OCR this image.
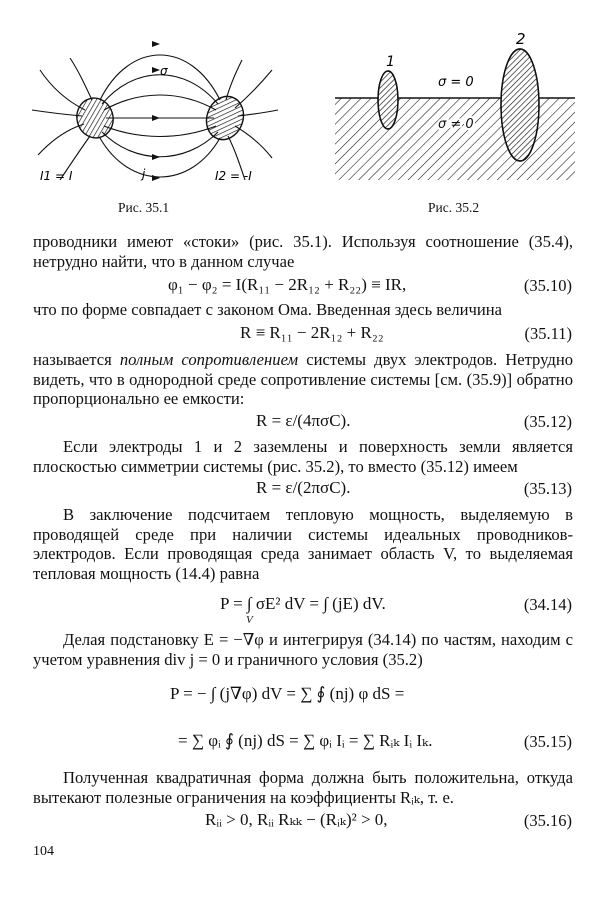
σ
j
I1 = I	I2 = -I
Рис. 35.1
1
2
σ = 0
σ ≠ 0
Рис. 35.2
проводники имеют «стоки» (рис. 35.1). Используя соотношение (35.4), нетрудно найти, что в данном случае
φ₁ − φ₂ = I(R₁₁ − 2R₁₂ + R₂₂) ≡ IR,	(35.10)
что по форме совпадает с законом Ома. Введенная здесь величина
R ≡ R₁₁ − 2R₁₂ + R₂₂	(35.11)
называется полным сопротивлением системы двух электродов. Нетрудно видеть, что в однородной среде сопротивление системы [см. (35.9)] обратно пропорционально ее емкости:
R = ε/(4πσC).	(35.12)
Если электроды 1 и 2 заземлены и поверхность земли является плоскостью симметрии системы (рис. 35.2), то вместо (35.12) имеем
R = ε/(2πσC).	(35.13)
В заключение подсчитаем тепловую мощность, выделяемую в проводящей среде при наличии системы идеальных проводников-электродов. Если проводящая среда занимает область V, то выделяемая тепловая мощность (14.4) равна
P = ∫ σE² dV = ∫ (jE) dV.
V
(34.14)
Делая подстановку E = −∇φ и интегрируя (34.14) по частям, находим с учетом уравнения div j = 0 и граничного условия (35.2)
P = − ∫ (j∇φ) dV = ∑ ∮ (nj) φ dS =
= ∑ φᵢ ∮ (nj) dS = ∑ φᵢ Iᵢ = ∑ Rᵢₖ Iᵢ Iₖ.	(35.15)
Полученная квадратичная форма должна быть положительна, откуда вытекают полезные ограничения на коэффициенты Rᵢₖ, т. е.
Rᵢᵢ > 0, Rᵢᵢ Rₖₖ − (Rᵢₖ)² > 0,	(35.16)
104
